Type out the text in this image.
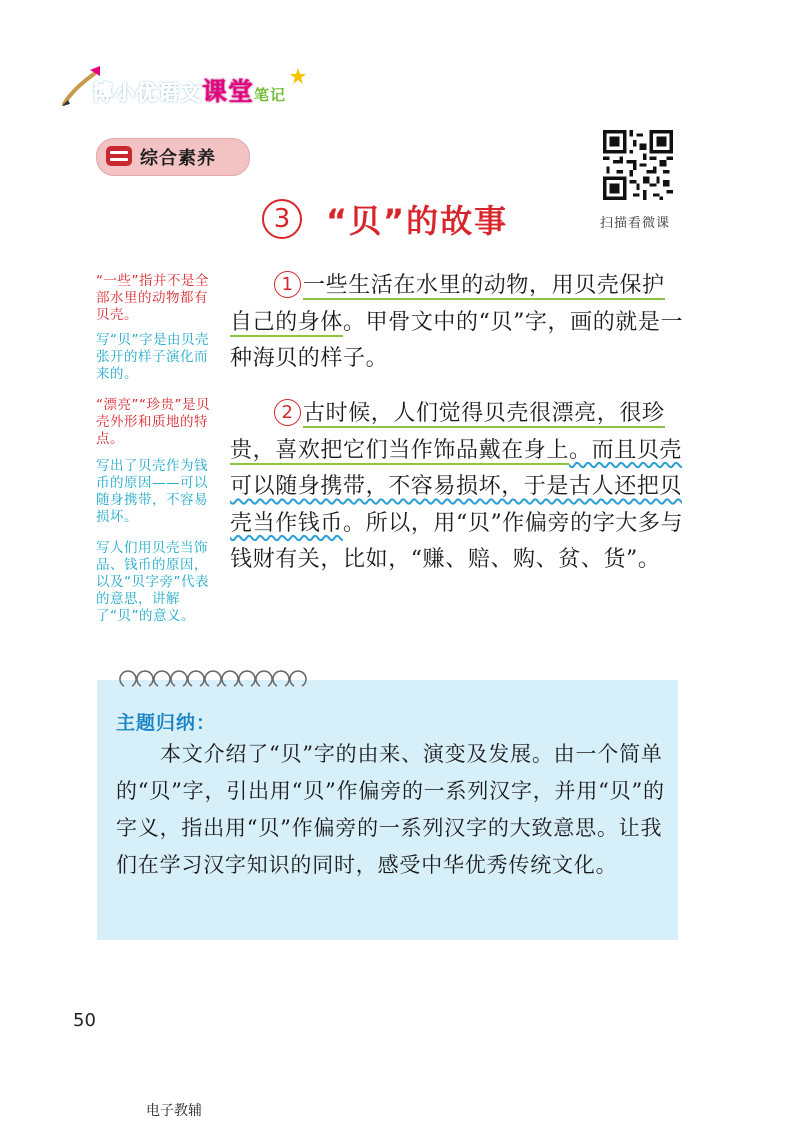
博小优语文课堂笔记
综合素养
扫描看微课
3	“贝”的故事
“一些”指并不是全部水里的动物都有贝壳。
写“贝”字是由贝壳张开的样子演化而来的。
“漂亮”“珍贵”是贝壳外形和质地的特点。
写出了贝壳作为钱币的原因——可以随身携带，不容易损坏。
写人们用贝壳当饰品、钱币的原因，以及“贝字旁”代表的意思，讲解了“贝”的意义。
1 一些生活在水里的动物，用贝壳保护自己的身体。甲骨文中的“贝”字，画的就是一种海贝的样子。
2 古时候，人们觉得贝壳很漂亮，很珍贵，喜欢把它们当作饰品戴在身上。而且贝壳可以随身携带，不容易损坏，于是古人还把贝壳当作钱币。所以，用“贝”作偏旁的字大多与钱财有关，比如，“赚、赔、购、贫、货”。
主题归纳：
本文介绍了“贝”字的由来、演变及发展。由一个简单的“贝”字，引出用“贝”作偏旁的一系列汉字，并用“贝”的字义，指出用“贝”作偏旁的一系列汉字的大致意思。让我们在学习汉字知识的同时，感受中华优秀传统文化。
50
电子教辅
